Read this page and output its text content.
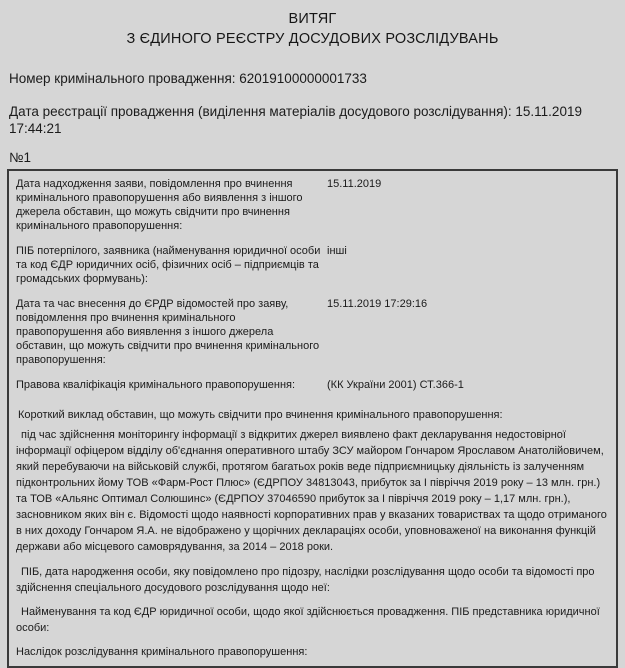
ВИТЯГ
З ЄДИНОГО РЕЄСТРУ ДОСУДОВИХ РОЗСЛІДУВАНЬ

Номер кримінального провадження: 62019100000001733

Дата реєстрації провадження (виділення матеріалів досудового розслідування): 15.11.2019 17:44:21

№1

Дата надходження заяви, повідомлення про вчинення кримінального правопорушення або виявлення з іншого джерела обставин, що можуть свідчити про вчинення кримінального правопорушення:
15.11.2019
ПІБ потерпілого, заявника (найменування юридичної особи та код ЄДР юридичних осіб, фізичних осіб – підприємців та громадських формувань):
інші
Дата та час внесення до ЄРДР відомостей про заяву, повідомлення про вчинення кримінального правопорушення або виявлення з іншого джерела обставин, що можуть свідчити про вчинення кримінального правопорушення:
15.11.2019 17:29:16
Правова кваліфікація кримінального правопорушення:	(КК України 2001) СТ.366-1

Короткий виклад обставин, що можуть свідчити про вчинення кримінального правопорушення:

під час здійснення моніторингу інформації з відкритих джерел виявлено факт декларування недостовірної інформації офіцером відділу об'єднання оперативного штабу ЗСУ майором Гончаром Ярославом Анатолійовичем, який перебуваючи на військовій службі, протягом багатьох років веде підприємницьку діяльність із залученням підконтрольних йому ТОВ «Фарм-Рост Плюс» (ЄДРПОУ 34813043, прибуток за І півріччя 2019 року – 13 млн. грн.) та ТОВ «Альянс Оптимал Солюшинс» (ЄДРПОУ 37046590 прибуток за І півріччя 2019 року – 1,17 млн. грн.), засновником яких він є. Відомості щодо наявності корпоративних прав у вказаних товариствах та щодо отриманого в них доходу Гончаром Я.А. не відображено у щорічних деклараціях особи, уповноваженої на виконання функцій держави або місцевого самоврядування, за 2014 – 2018 роки.

ПІБ, дата народження особи, яку повідомлено про підозру, наслідки розслідування щодо особи та відомості про здійснення спеціального досудового розслідування щодо неї:

Найменування та код ЄДР юридичної особи, щодо якої здійснюється провадження. ПІБ представника юридичної особи:

Наслідок розслідування кримінального правопорушення:
